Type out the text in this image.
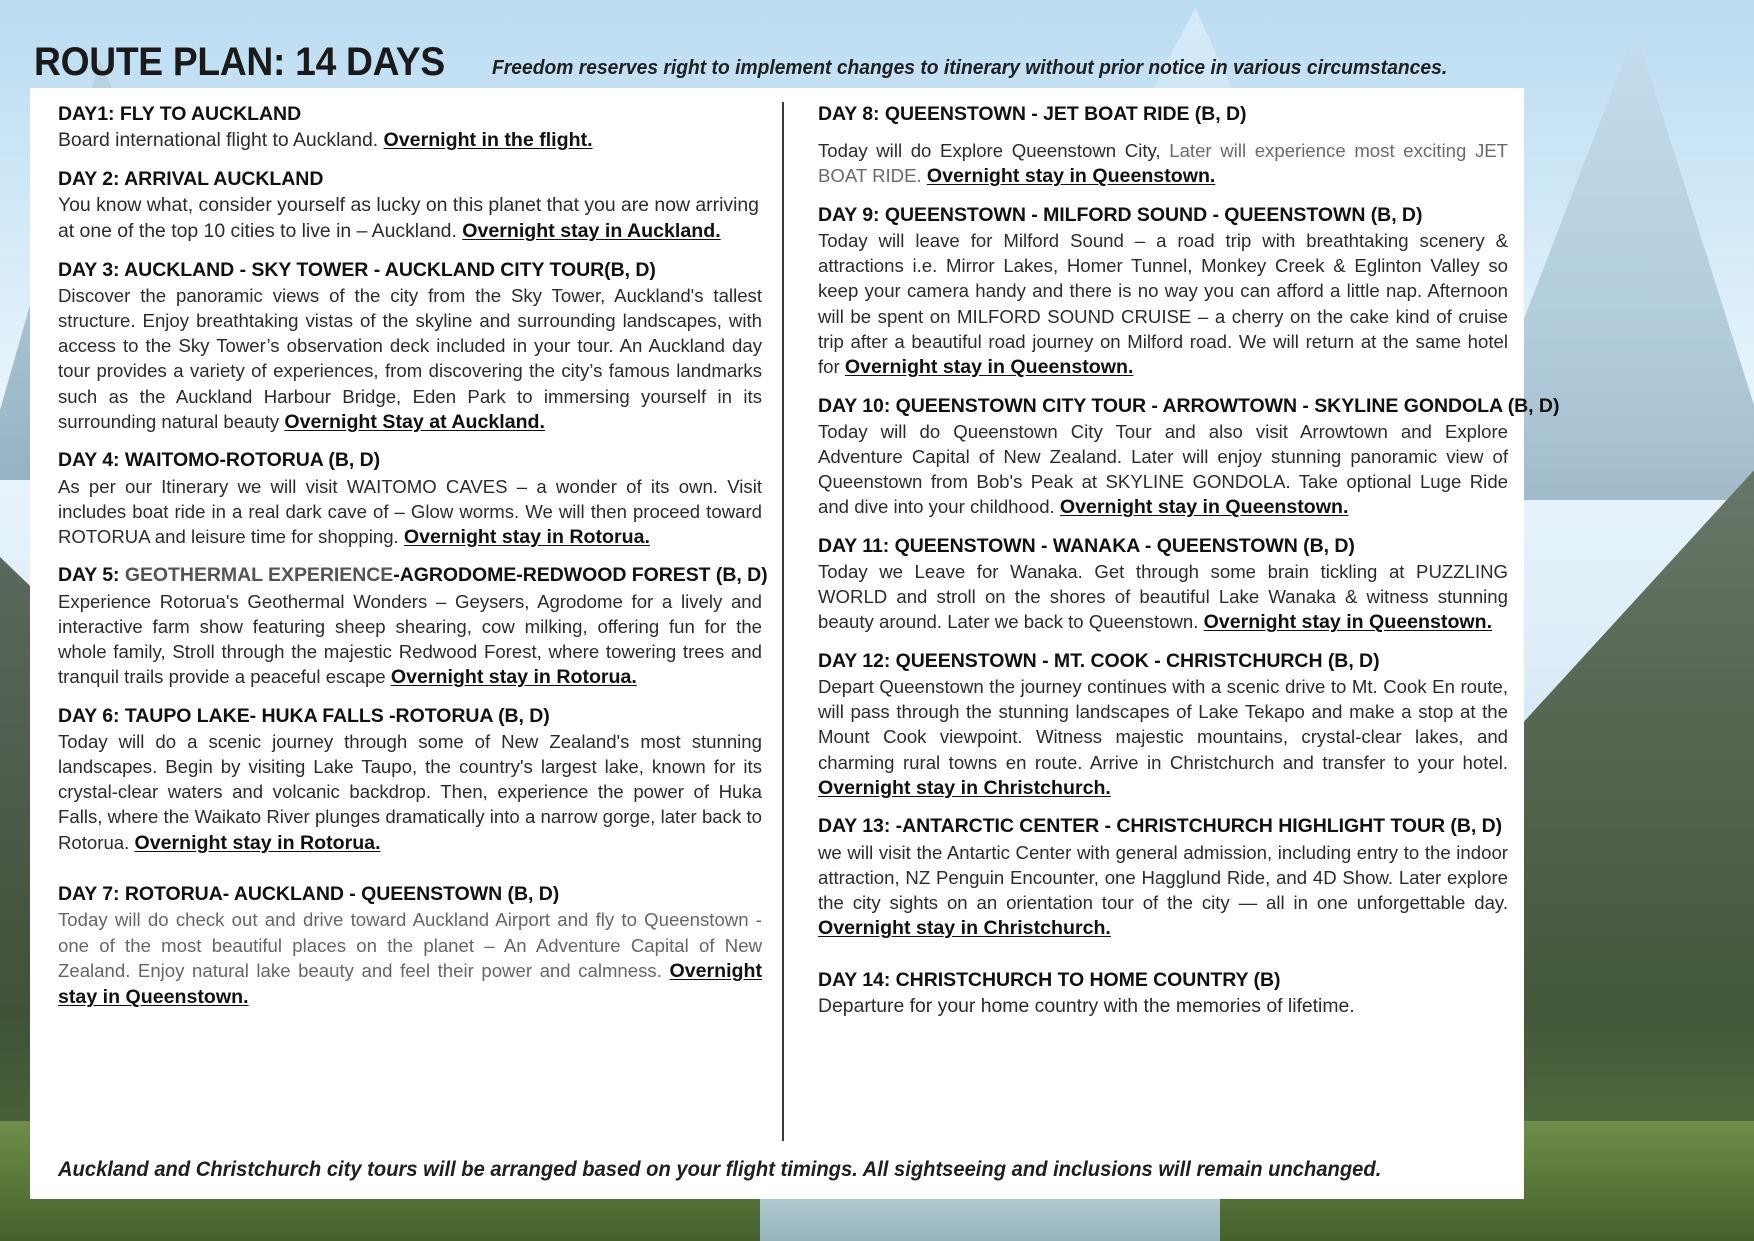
ROUTE PLAN: 14 DAYS Freedom reserves right to implement changes to itinerary without prior notice in various circumstances.
DAY1: FLY TO AUCKLAND
Board international flight to Auckland. Overnight in the flight.
DAY 2: ARRIVAL AUCKLAND
You know what, consider yourself as lucky on this planet that you are now arriving at one of the top 10 cities to live in – Auckland. Overnight stay in Auckland.
DAY 3: AUCKLAND - SKY TOWER - AUCKLAND CITY TOUR(B, D)
Discover the panoramic views of the city from the Sky Tower, Auckland's tallest structure. Enjoy breathtaking vistas of the skyline and surrounding landscapes, with access to the Sky Tower’s observation deck included in your tour. An Auckland day tour provides a variety of experiences, from discovering the city’s famous landmarks such as the Auckland Harbour Bridge, Eden Park to immersing yourself in its surrounding natural beauty Overnight Stay at Auckland.
DAY 4: WAITOMO-ROTORUA (B, D)
As per our Itinerary we will visit WAITOMO CAVES – a wonder of its own. Visit includes boat ride in a real dark cave of – Glow worms. We will then proceed toward ROTORUA and leisure time for shopping. Overnight stay in Rotorua.
DAY 5: GEOTHERMAL EXPERIENCE-AGRODOME-REDWOOD FOREST (B, D)
Experience Rotorua's Geothermal Wonders – Geysers, Agrodome for a lively and interactive farm show featuring sheep shearing, cow milking, offering fun for the whole family, Stroll through the majestic Redwood Forest, where towering trees and tranquil trails provide a peaceful escape Overnight stay in Rotorua.
DAY 6: TAUPO LAKE- HUKA FALLS -ROTORUA (B, D)
Today will do a scenic journey through some of New Zealand's most stunning landscapes. Begin by visiting Lake Taupo, the country's largest lake, known for its crystal-clear waters and volcanic backdrop. Then, experience the power of Huka Falls, where the Waikato River plunges dramatically into a narrow gorge, later back to Rotorua. Overnight stay in Rotorua.
DAY 7: ROTORUA- AUCKLAND - QUEENSTOWN (B, D)
Today will do check out and drive toward Auckland Airport and fly to Queenstown - one of the most beautiful places on the planet – An Adventure Capital of New Zealand. Enjoy natural lake beauty and feel their power and calmness. Overnight stay in Queenstown.
DAY 8: QUEENSTOWN - JET BOAT RIDE (B, D)
Today will do Explore Queenstown City, Later will experience most exciting JET BOAT RIDE. Overnight stay in Queenstown.
DAY 9: QUEENSTOWN - MILFORD SOUND - QUEENSTOWN (B, D)
Today will leave for Milford Sound – a road trip with breathtaking scenery & attractions i.e. Mirror Lakes, Homer Tunnel, Monkey Creek & Eglinton Valley so keep your camera handy and there is no way you can afford a little nap. Afternoon will be spent on MILFORD SOUND CRUISE – a cherry on the cake kind of cruise trip after a beautiful road journey on Milford road. We will return at the same hotel for Overnight stay in Queenstown.
DAY 10: QUEENSTOWN CITY TOUR - ARROWTOWN - SKYLINE GONDOLA (B, D)
Today will do Queenstown City Tour and also visit Arrowtown and Explore Adventure Capital of New Zealand. Later will enjoy stunning panoramic view of Queenstown from Bob's Peak at SKYLINE GONDOLA. Take optional Luge Ride and dive into your childhood. Overnight stay in Queenstown.
DAY 11: QUEENSTOWN - WANAKA - QUEENSTOWN (B, D)
Today we Leave for Wanaka. Get through some brain tickling at PUZZLING WORLD and stroll on the shores of beautiful Lake Wanaka & witness stunning beauty around. Later we back to Queenstown. Overnight stay in Queenstown.
DAY 12: QUEENSTOWN - MT. COOK - CHRISTCHURCH (B, D)
Depart Queenstown the journey continues with a scenic drive to Mt. Cook En route, will pass through the stunning landscapes of Lake Tekapo and make a stop at the Mount Cook viewpoint. Witness majestic mountains, crystal-clear lakes, and charming rural towns en route. Arrive in Christchurch and transfer to your hotel. Overnight stay in Christchurch.
DAY 13: -ANTARCTIC CENTER - CHRISTCHURCH HIGHLIGHT TOUR (B, D)
we will visit the Antartic Center with general admission, including entry to the indoor attraction, NZ Penguin Encounter, one Hagglund Ride, and 4D Show. Later explore the city sights on an orientation tour of the city — all in one unforgettable day. Overnight stay in Christchurch.
DAY 14: CHRISTCHURCH TO HOME COUNTRY (B)
Departure for your home country with the memories of lifetime.
Auckland and Christchurch city tours will be arranged based on your flight timings. All sightseeing and inclusions will remain unchanged.
